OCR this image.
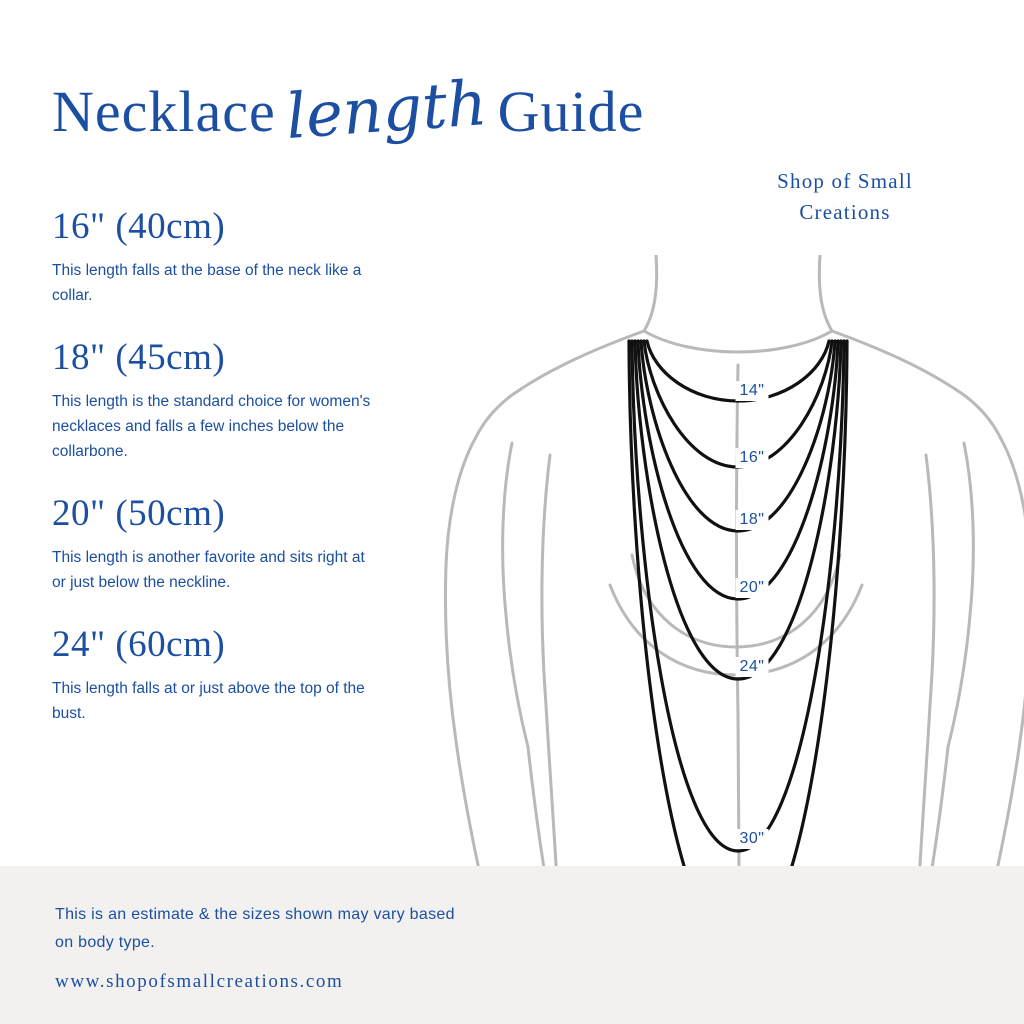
Necklace length Guide
Shop of Small
Creations
16" (40cm)
This length falls at the base of the neck like a collar.
18" (45cm)
This length is the standard choice for women's necklaces and falls a few inches below the collarbone.
20" (50cm)
This length is another favorite and sits right at or just below the neckline.
24" (60cm)
This length falls at or just above the top of the bust.
14"
16"
18"
20"
24"
30"
This is an estimate & the sizes shown may vary based on body type.
www.shopofsmallcreations.com
